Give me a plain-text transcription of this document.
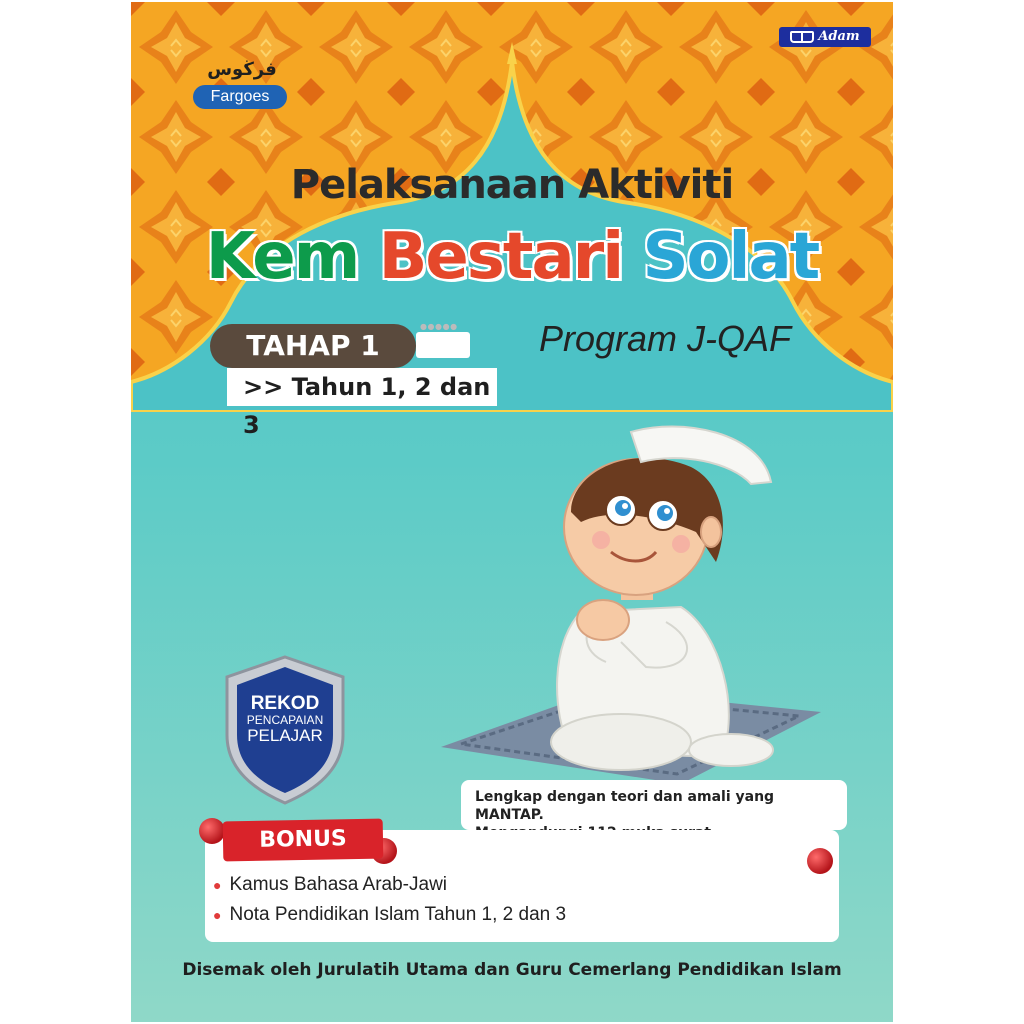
Adam
فرڬوس
Fargoes
Pelaksanaan Aktiviti
Kem Bestari Solat
Program J-QAF
● ● ● ● ●
TAHAP 1
>> Tahun 1, 2 dan 3
REKOD
PENCAPAIAN
PELAJAR
Lengkap dengan teori dan amali yang MANTAP.
BONUS
● Kamus Bahasa Arab-Jawi
● Nota Pendidikan Islam Tahun 1, 2 dan 3
Disemak oleh Jurulatih Utama dan Guru Cemerlang Pendidikan Islam
